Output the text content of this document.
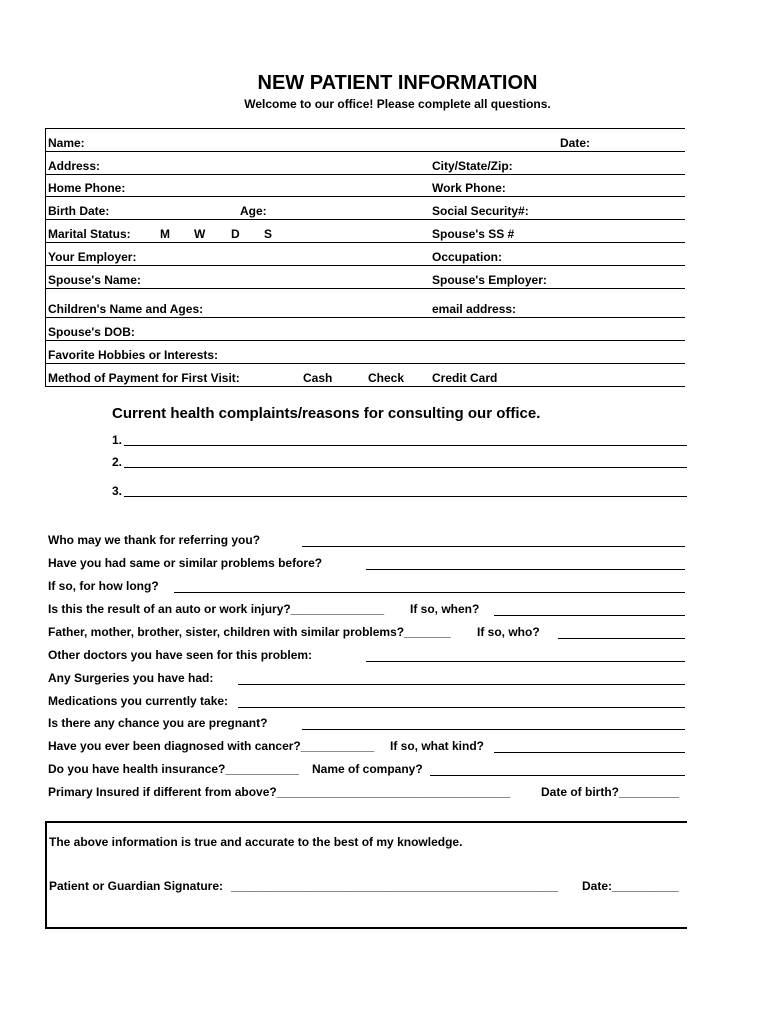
NEW PATIENT INFORMATION
Welcome to our office! Please complete all questions.
Name:	Date:
Address:	City/State/Zip:
Home Phone:	Work Phone:
Birth Date:	Age:	Social Security#:
Marital Status: M W D S	Spouse's SS #
Your Employer:	Occupation:
Spouse's Name:	Spouse's Employer:
Children's Name and Ages:	email address:
Spouse's DOB:
Favorite Hobbies or Interests:
Method of Payment for First Visit:	Cash	Check Credit Card
Current health complaints/reasons for consulting our office.
1.
2.
3.
Who may we thank for referring you?
Have you had same or similar problems before?
If so, for how long?
Is this the result of an auto or work injury?______________ If so, when?
Father, mother, brother, sister, children with similar problems?_______ If so, who?
Other doctors you have seen for this problem:
Any Surgeries you have had:
Medications you currently take:
Is there any chance you are pregnant?
Have you ever been diagnosed with cancer?___________ If so, what kind?
Do you have health insurance?___________ Name of company?
Primary Insured if different from above?___________________________________	Date of birth?_________
The above information is true and accurate to the best of my knowledge.
Patient or Guardian Signature: _________________________________________________ Date:__________
